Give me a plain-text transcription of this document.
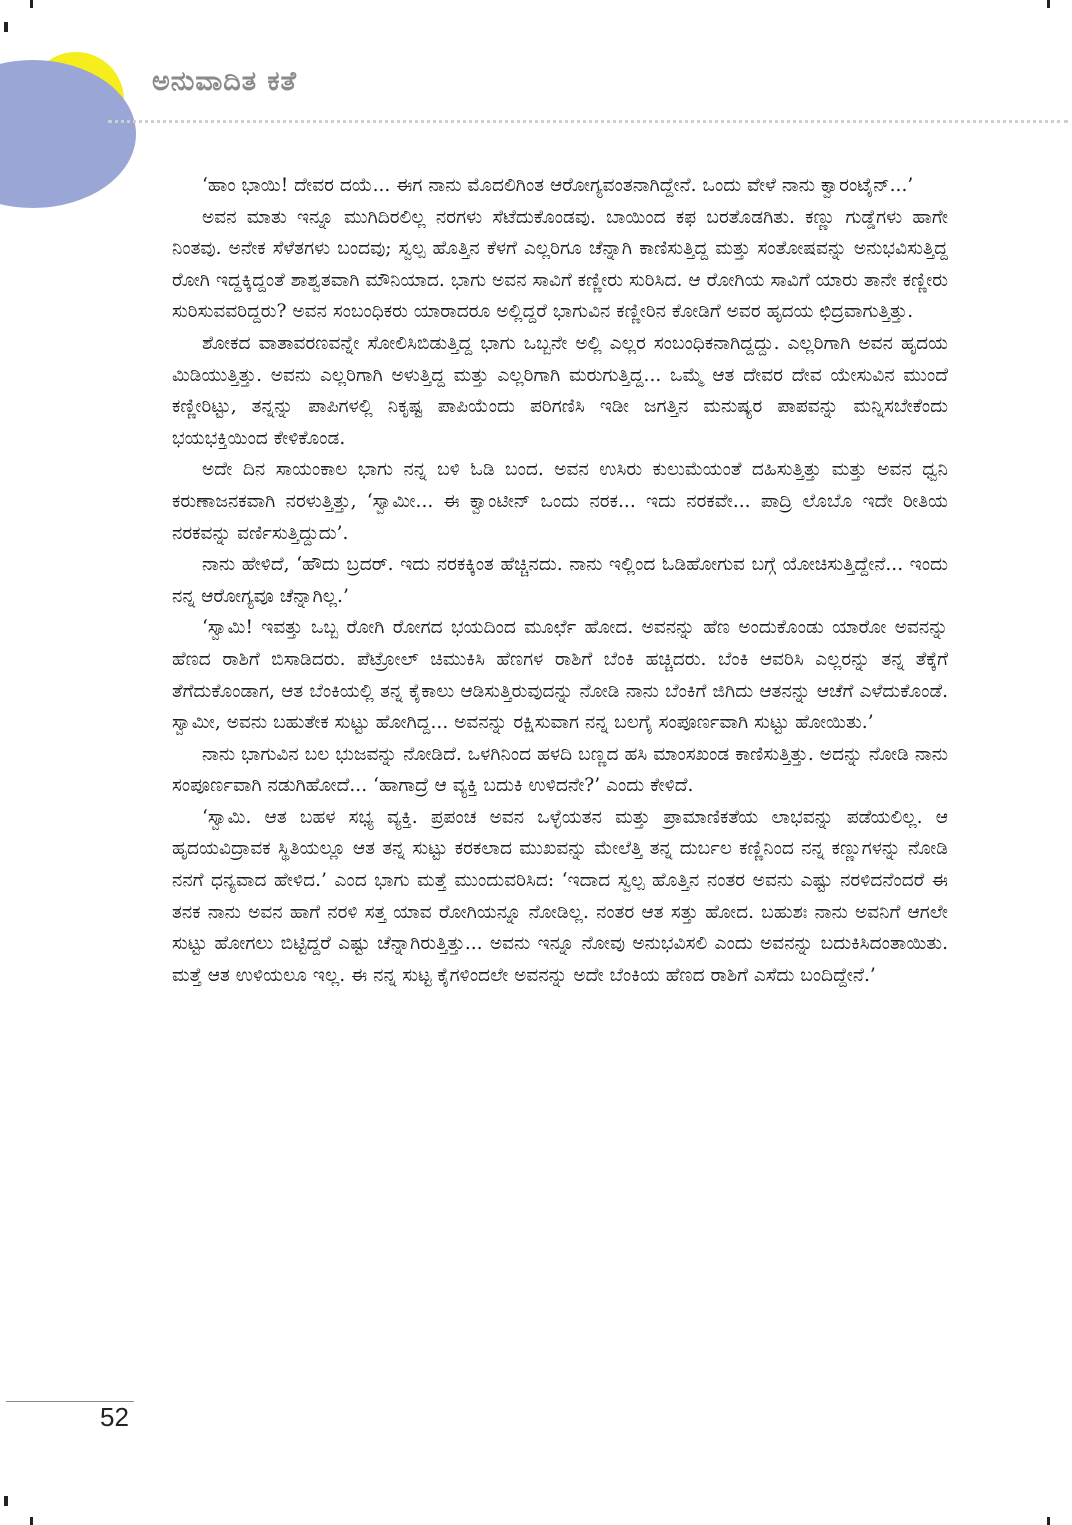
ಅನುವಾದಿತ ಕತೆ

‘ಹಾಂ ಭಾಯಿ! ದೇವರ ದಯೆ... ಈಗ ನಾನು ಮೊದಲಿಗಿಂತ ಆರೋಗ್ಯವಂತನಾಗಿದ್ದೇನೆ. ಒಂದು ವೇಳೆ ನಾನು ಕ್ವಾರಂಟೈನ್...’

ಅವನ ಮಾತು ಇನ್ನೂ ಮುಗಿದಿರಲಿಲ್ಲ ನರಗಳು ಸೆಟೆದುಕೊಂಡವು. ಬಾಯಿಂದ ಕಫ ಬರತೊಡಗಿತು. ಕಣ್ಣು ಗುಡ್ಡೆಗಳು ಹಾಗೇ ನಿಂತವು. ಅನೇಕ ಸೆಳೆತಗಳು ಬಂದವು; ಸ್ವಲ್ಪ ಹೊತ್ತಿನ ಕೆಳಗೆ ಎಲ್ಲರಿಗೂ ಚೆನ್ನಾಗಿ ಕಾಣಿಸುತ್ತಿದ್ದ ಮತ್ತು ಸಂತೋಷವನ್ನು ಅನುಭವಿಸುತ್ತಿದ್ದ ರೋಗಿ ಇದ್ದಕ್ಕಿದ್ದಂತೆ ಶಾಶ್ವತವಾಗಿ ಮೌನಿಯಾದ. ಭಾಗು ಅವನ ಸಾವಿಗೆ ಕಣ್ಣೀರು ಸುರಿಸಿದ. ಆ ರೋಗಿಯ ಸಾವಿಗೆ ಯಾರು ತಾನೇ ಕಣ್ಣೀರು ಸುರಿಸುವವರಿದ್ದರು? ಅವನ ಸಂಬಂಧಿಕರು ಯಾರಾದರೂ ಅಲ್ಲಿದ್ದರೆ ಭಾಗುವಿನ ಕಣ್ಣೀರಿನ ಕೋಡಿಗೆ ಅವರ ಹೃದಯ ಛಿದ್ರವಾಗುತ್ತಿತ್ತು.

ಶೋಕದ ವಾತಾವರಣವನ್ನೇ ಸೋಲಿಸಿಬಿಡುತ್ತಿದ್ದ ಭಾಗು ಒಬ್ಬನೇ ಅಲ್ಲಿ ಎಲ್ಲರ ಸಂಬಂಧಿಕನಾಗಿದ್ದದ್ದು. ಎಲ್ಲರಿಗಾಗಿ ಅವನ ಹೃದಯ ಮಿಡಿಯುತ್ತಿತ್ತು. ಅವನು ಎಲ್ಲರಿಗಾಗಿ ಅಳುತ್ತಿದ್ದ ಮತ್ತು ಎಲ್ಲರಿಗಾಗಿ ಮರುಗುತ್ತಿದ್ದ... ಒಮ್ಮೆ ಆತ ದೇವರ ದೇವ ಯೇಸುವಿನ ಮುಂದೆ ಕಣ್ಣೀರಿಟ್ಟು, ತನ್ನನ್ನು ಪಾಪಿಗಳಲ್ಲಿ ನಿಕೃಷ್ಟ ಪಾಪಿಯೆಂದು ಪರಿಗಣಿಸಿ ಇಡೀ ಜಗತ್ತಿನ ಮನುಷ್ಯರ ಪಾಪವನ್ನು ಮನ್ನಿಸಬೇಕೆಂದು ಭಯಭಕ್ತಿಯಿಂದ ಕೇಳಿಕೊಂಡ.

ಅದೇ ದಿನ ಸಾಯಂಕಾಲ ಭಾಗು ನನ್ನ ಬಳಿ ಓಡಿ ಬಂದ. ಅವನ ಉಸಿರು ಕುಲುಮೆಯಂತೆ ದಹಿಸುತ್ತಿತ್ತು ಮತ್ತು ಅವನ ಧ್ವನಿ ಕರುಣಾಜನಕವಾಗಿ ನರಳುತ್ತಿತ್ತು, ‘ಸ್ವಾಮೀ... ಈ ಕ್ವಾಂಟೀನ್ ಒಂದು ನರಕ... ಇದು ನರಕವೇ... ಪಾದ್ರಿ ಲೊಬೊ ಇದೇ ರೀತಿಯ ನರಕವನ್ನು ವರ್ಣಿಸುತ್ತಿದ್ದುದು’.

ನಾನು ಹೇಳಿದೆ, ‘ಹೌದು ಬ್ರದರ್. ಇದು ನರಕಕ್ಕಿಂತ ಹೆಚ್ಚಿನದು. ನಾನು ಇಲ್ಲಿಂದ ಓಡಿಹೋಗುವ ಬಗ್ಗೆ ಯೋಚಿಸುತ್ತಿದ್ದೇನೆ... ಇಂದು ನನ್ನ ಆರೋಗ್ಯವೂ ಚೆನ್ನಾಗಿಲ್ಲ.’

‘ಸ್ವಾಮಿ! ಇವತ್ತು ಒಬ್ಬ ರೋಗಿ ರೋಗದ ಭಯದಿಂದ ಮೂರ್ಛೆ ಹೋದ. ಅವನನ್ನು ಹೆಣ ಅಂದುಕೊಂಡು ಯಾರೋ ಅವನನ್ನು ಹೆಣದ ರಾಶಿಗೆ ಬಿಸಾಡಿದರು. ಪೆಟ್ರೋಲ್ ಚಿಮುಕಿಸಿ ಹೆಣಗಳ ರಾಶಿಗೆ ಬೆಂಕಿ ಹಚ್ಚಿದರು. ಬೆಂಕಿ ಆವರಿಸಿ ಎಲ್ಲರನ್ನು ತನ್ನ ತೆಕ್ಕೆಗೆ ತೆಗೆದುಕೊಂಡಾಗ, ಆತ ಬೆಂಕಿಯಲ್ಲಿ ತನ್ನ ಕೈಕಾಲು ಆಡಿಸುತ್ತಿರುವುದನ್ನು ನೋಡಿ ನಾನು ಬೆಂಕಿಗೆ ಜಿಗಿದು ಆತನನ್ನು ಆಚೆಗೆ ಎಳೆದುಕೊಂಡೆ. ಸ್ವಾಮೀ, ಅವನು ಬಹುತೇಕ ಸುಟ್ಟು ಹೋಗಿದ್ದ... ಅವನನ್ನು ರಕ್ಷಿಸುವಾಗ ನನ್ನ ಬಲಗೈ ಸಂಪೂರ್ಣವಾಗಿ ಸುಟ್ಟು ಹೋಯಿತು.’

ನಾನು ಭಾಗುವಿನ ಬಲ ಭುಜವನ್ನು ನೋಡಿದೆ. ಒಳಗಿನಿಂದ ಹಳದಿ ಬಣ್ಣದ ಹಸಿ ಮಾಂಸಖಂಡ ಕಾಣಿಸುತ್ತಿತ್ತು. ಅದನ್ನು ನೋಡಿ ನಾನು ಸಂಪೂರ್ಣವಾಗಿ ನಡುಗಿಹೋದೆ... ‘ಹಾಗಾದ್ರೆ ಆ ವ್ಯಕ್ತಿ ಬದುಕಿ ಉಳಿದನೇ?’ ಎಂದು ಕೇಳಿದೆ.

‘ಸ್ವಾಮಿ. ಆತ ಬಹಳ ಸಭ್ಯ ವ್ಯಕ್ತಿ. ಪ್ರಪಂಚ ಅವನ ಒಳ್ಳೆಯತನ ಮತ್ತು ಪ್ರಾಮಾಣಿಕತೆಯ ಲಾಭವನ್ನು ಪಡೆಯಲಿಲ್ಲ. ಆ ಹೃದಯವಿದ್ರಾವಕ ಸ್ಥಿತಿಯಲ್ಲೂ ಆತ ತನ್ನ ಸುಟ್ಟು ಕರಕಲಾದ ಮುಖವನ್ನು ಮೇಲೆತ್ತಿ ತನ್ನ ದುರ್ಬಲ ಕಣ್ಣಿನಿಂದ ನನ್ನ ಕಣ್ಣುಗಳನ್ನು ನೋಡಿ ನನಗೆ ಧನ್ಯವಾದ ಹೇಳಿದ.’ ಎಂದ ಭಾಗು ಮತ್ತೆ ಮುಂದುವರಿಸಿದ: ‘ಇದಾದ ಸ್ವಲ್ಪ ಹೊತ್ತಿನ ನಂತರ ಅವನು ಎಷ್ಟು ನರಳಿದನೆಂದರೆ ಈ ತನಕ ನಾನು ಅವನ ಹಾಗೆ ನರಳಿ ಸತ್ತ ಯಾವ ರೋಗಿಯನ್ನೂ ನೋಡಿಲ್ಲ. ನಂತರ ಆತ ಸತ್ತು ಹೋದ. ಬಹುಶಃ ನಾನು ಅವನಿಗೆ ಆಗಲೇ ಸುಟ್ಟು ಹೋಗಲು ಬಿಟ್ಟಿದ್ದರೆ ಎಷ್ಟು ಚೆನ್ನಾಗಿರುತ್ತಿತ್ತು... ಅವನು ಇನ್ನೂ ನೋವು ಅನುಭವಿಸಲಿ ಎಂದು ಅವನನ್ನು ಬದುಕಿಸಿದಂತಾಯಿತು. ಮತ್ತೆ ಆತ ಉಳಿಯಲೂ ಇಲ್ಲ. ಈ ನನ್ನ ಸುಟ್ಟ ಕೈಗಳಿಂದಲೇ ಅವನನ್ನು ಅದೇ ಬೆಂಕಿಯ ಹೆಣದ ರಾಶಿಗೆ ಎಸೆದು ಬಂದಿದ್ದೇನೆ.’

52
